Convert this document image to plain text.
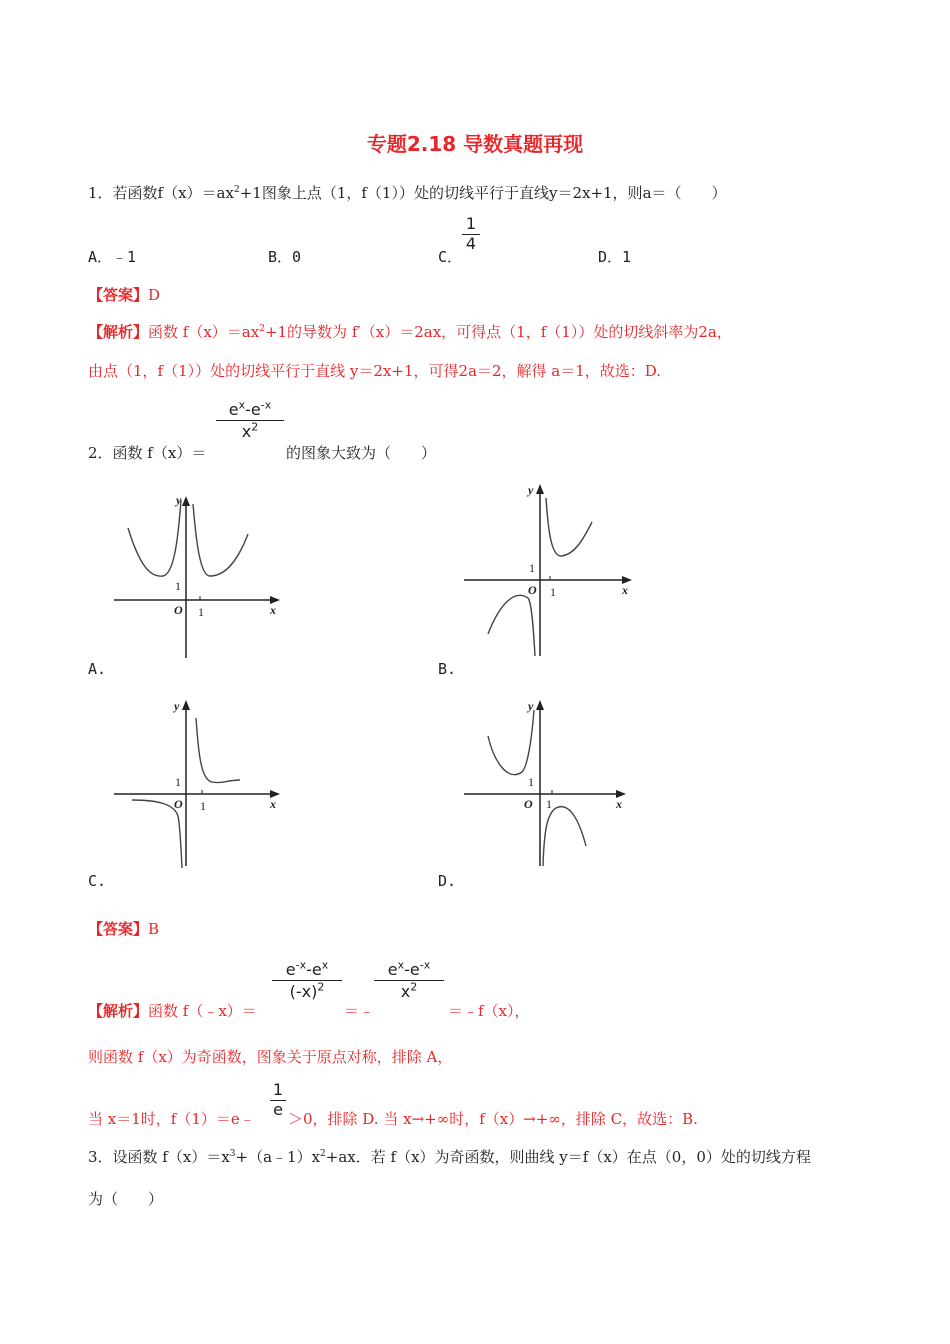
专题2.18 导数真题再现
1．若函数$f(x)=ax^2+1$图象上点（1，f（1））处的切线平行于直线y＝2x+1，则a＝（　　）
A．﹣1	B．0	C．
1
4
D．1
【答案】D
【解析】函数 $f(x)=ax^2+1$的导数为 f′（x）＝2ax，可得点（1，f（1））处的切线斜率为2a，
由点（1，f（1））处的切线平行于直线 y＝2x+1，可得2a＝2，解得 a＝1，故选：D.
2．函数 f（x）＝
$e^x-e^{-x}$
$x^2$
的图象大致为（　　）
y
x
O 1
1
A.
y
x
O 1
1
B.
y
x
O 1
1
C.
y
x
O 1
1
D.
【答案】B
【解析】函数 f（﹣x）＝
$e^{-x}-e^x$
$(-x)^2$
＝﹣
$e^x-e^{-x}$
$x^2$
＝﹣f（x），
则函数 f（x）为奇函数，图象关于原点对称，排除 A，
当 x＝1时，f（1）＝e﹣
1
e ＞0，排除 D. 当 x→+∞时，f（x）→+∞，排除 C，故选：B.
3．设函数 $f(x)=x^3+(a﹣1)x^2+ax$．若 f（x）为奇函数，则曲线 y＝f（x）在点（0，0）处的切线方程
为（　　）
